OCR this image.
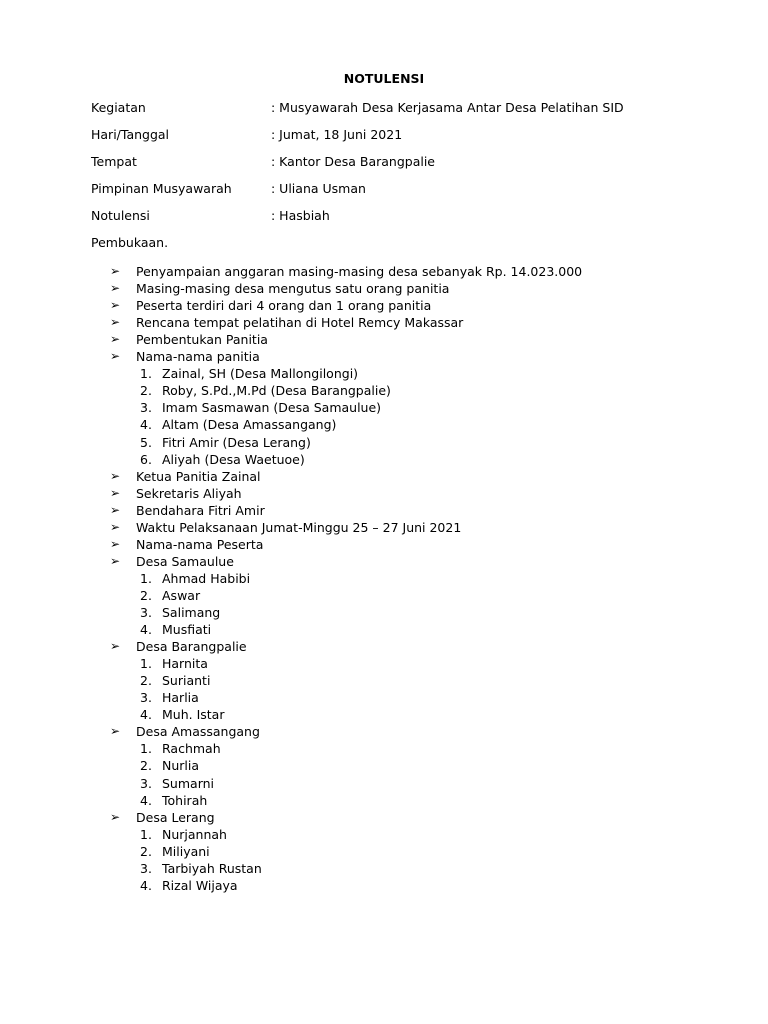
NOTULENSI
Kegiatan	: Musyawarah Desa Kerjasama Antar Desa Pelatihan SID
Hari/Tanggal	: Jumat, 18 Juni 2021
Tempat	: Kantor Desa Barangpalie
Pimpinan Musyawarah	: Uliana Usman
Notulensi	: Hasbiah
Pembukaan.
➢ Penyampaian anggaran masing-masing desa sebanyak Rp. 14.023.000
➢ Masing-masing desa mengutus satu orang panitia
➢ Peserta terdiri dari 4 orang dan 1 orang panitia
➢ Rencana tempat pelatihan di Hotel Remcy Makassar
➢ Pembentukan Panitia
➢ Nama-nama panitia
1. Zainal, SH (Desa Mallongilongi)
2. Roby, S.Pd.,M.Pd (Desa Barangpalie)
3. Imam Sasmawan (Desa Samaulue)
4. Altam (Desa Amassangang)
5. Fitri Amir (Desa Lerang)
6. Aliyah (Desa Waetuoe)
➢ Ketua Panitia Zainal
➢ Sekretaris Aliyah
➢ Bendahara Fitri Amir
➢ Waktu Pelaksanaan Jumat-Minggu 25 – 27 Juni 2021
➢ Nama-nama Peserta
➢ Desa Samaulue
1. Ahmad Habibi
2. Aswar
3. Salimang
4. Musfiati
➢ Desa Barangpalie
1. Harnita
2. Surianti
3. Harlia
4. Muh. Istar
➢ Desa Amassangang
1. Rachmah
2. Nurlia
3. Sumarni
4. Tohirah
➢ Desa Lerang
1. Nurjannah
2. Miliyani
3. Tarbiyah Rustan
4. Rizal Wijaya
